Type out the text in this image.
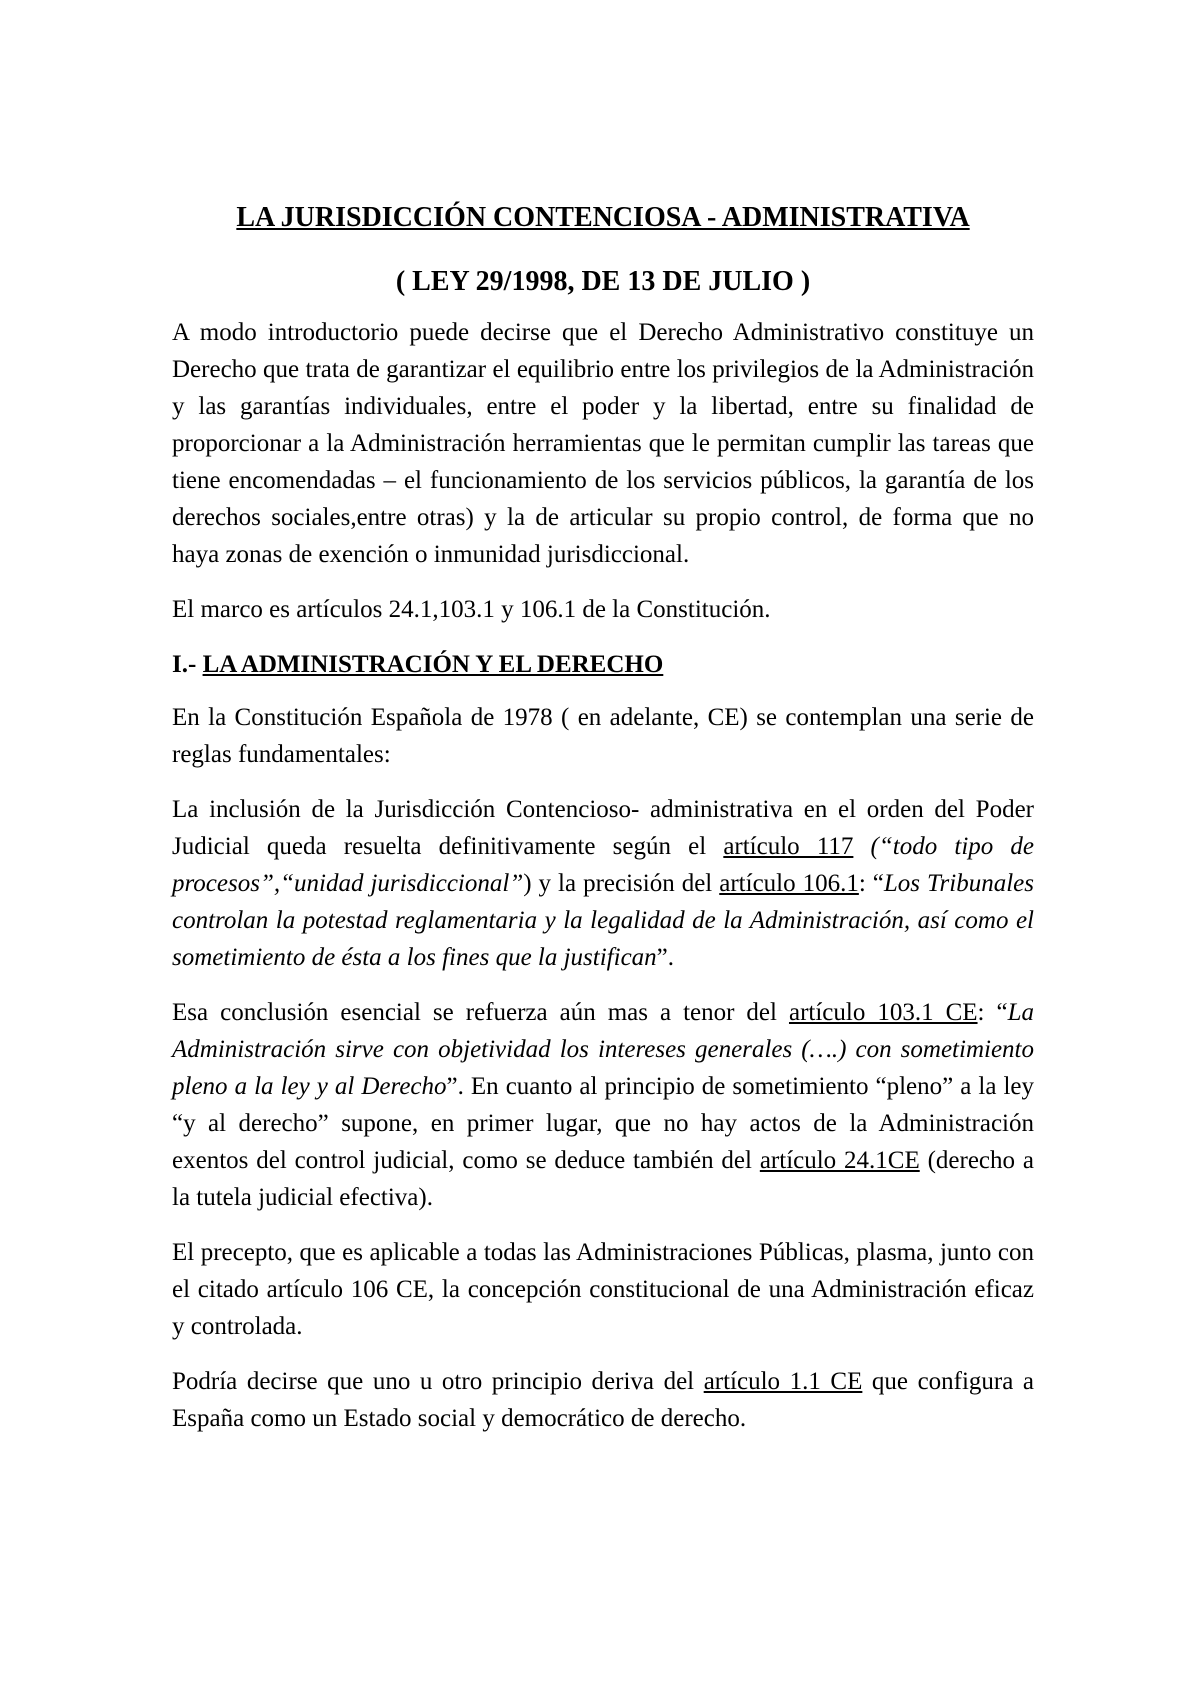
LA JURISDICCIÓN CONTENCIOSA - ADMINISTRATIVA
( LEY 29/1998, DE 13 DE JULIO )

A modo introductorio puede decirse que el Derecho Administrativo constituye un Derecho que trata de garantizar el equilibrio entre los privilegios de la Administración y las garantías individuales, entre el poder y la libertad, entre su finalidad de proporcionar a la Administración herramientas que le permitan cumplir las tareas que tiene encomendadas – el funcionamiento de los servicios públicos, la garantía de los derechos sociales,entre otras) y la de articular su propio control, de forma que no haya zonas de exención o inmunidad jurisdiccional.

El marco es artículos 24.1,103.1 y 106.1 de la Constitución.

I.- LA ADMINISTRACIÓN Y EL DERECHO

En la Constitución Española de 1978 ( en adelante, CE) se contemplan una serie de reglas fundamentales:

La inclusión de la Jurisdicción Contencioso- administrativa en el orden del Poder Judicial queda resuelta definitivamente según el artículo 117 (“todo tipo de procesos”,“unidad jurisdiccional”) y la precisión del artículo 106.1: “Los Tribunales controlan la potestad reglamentaria y la legalidad de la Administración, así como el sometimiento de ésta a los fines que la justifican”.

Esa conclusión esencial se refuerza aún mas a tenor del artículo 103.1 CE: “La Administración sirve con objetividad los intereses generales (….) con sometimiento pleno a la ley y al Derecho”. En cuanto al principio de sometimiento “pleno” a la ley “y al derecho” supone, en primer lugar, que no hay actos de la Administración exentos del control judicial, como se deduce también del artículo 24.1CE (derecho a la tutela judicial efectiva).

El precepto, que es aplicable a todas las Administraciones Públicas, plasma, junto con el citado artículo 106 CE, la concepción constitucional de una Administración eficaz y controlada.

Podría decirse que uno u otro principio deriva del artículo 1.1 CE que configura a España como un Estado social y democrático de derecho.
